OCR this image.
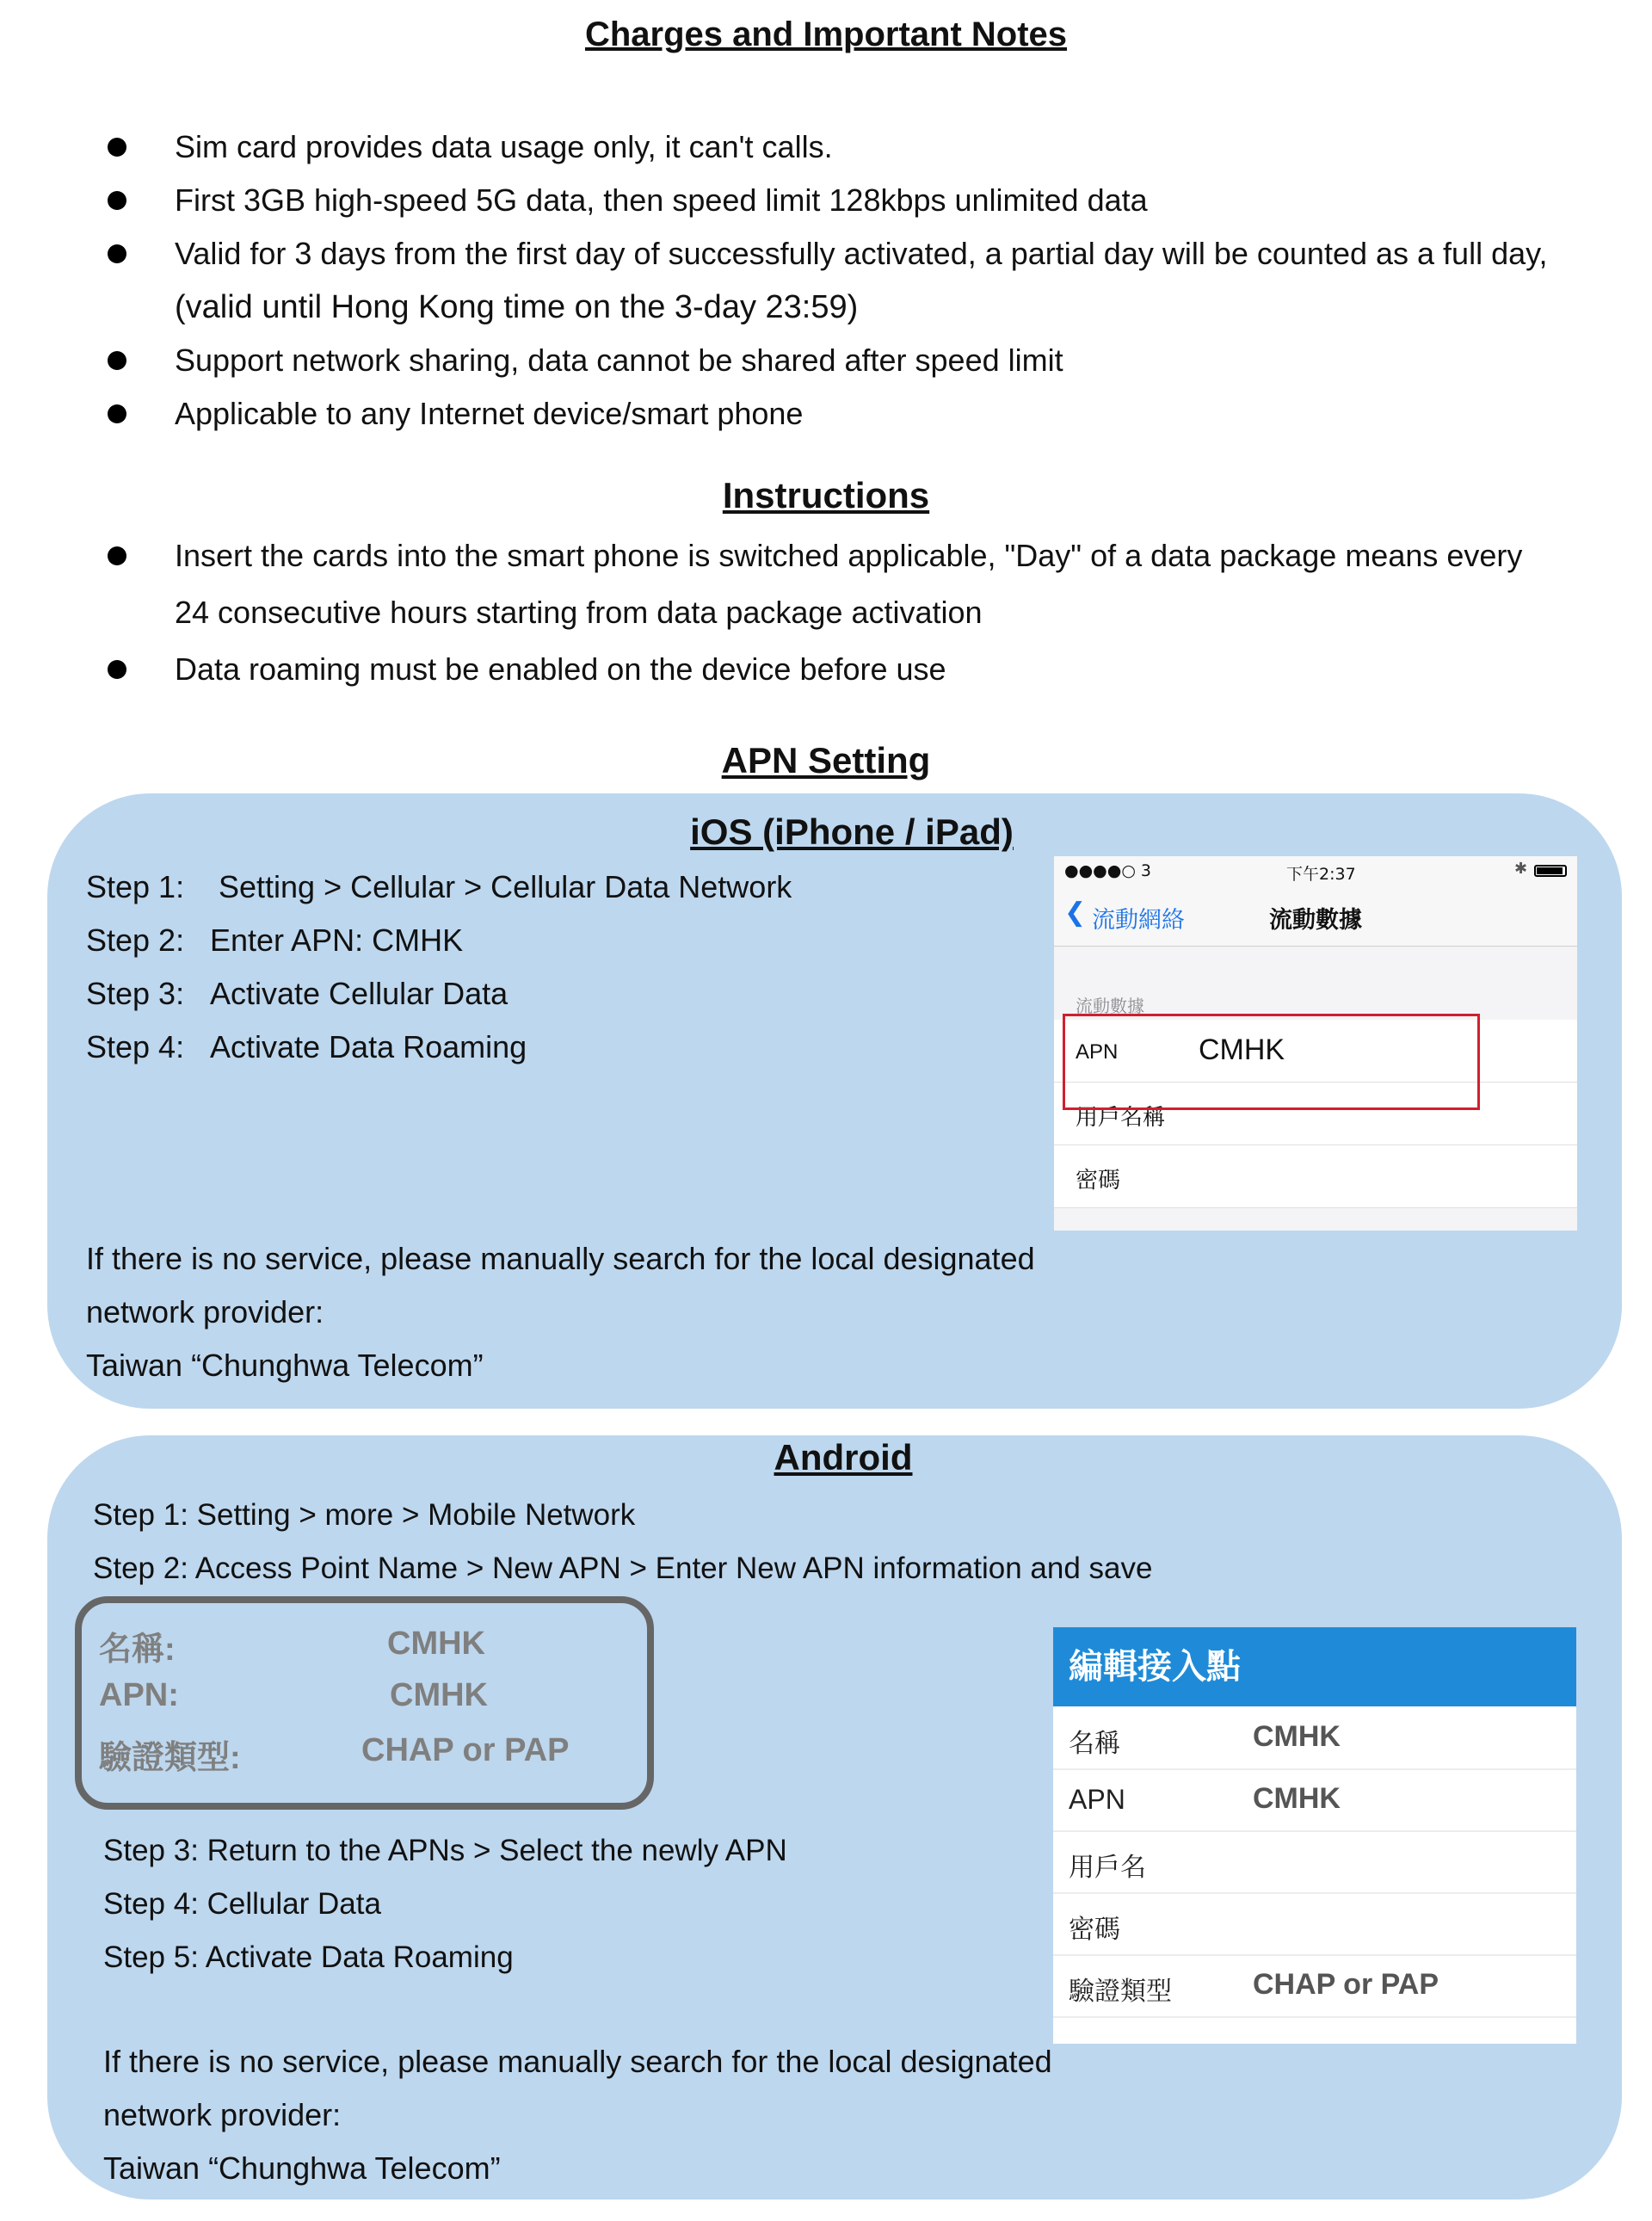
Charges and Important Notes
Sim card provides data usage only, it can't calls.
First 3GB high-speed 5G data, then speed limit 128kbps unlimited data
Valid for 3 days from the first day of successfully activated, a partial day will be counted as a full day,
(valid until Hong Kong time on the 3-day 23:59)
Support network sharing, data cannot be shared after speed limit
Applicable to any Internet device/smart phone
Instructions
Insert the cards into the smart phone is switched applicable, "Day" of a data package means every
24 consecutive hours starting from data package activation
Data roaming must be enabled on the device before use
APN Setting
iOS (iPhone / iPad)
Step 1: Setting > Cellular > Cellular Data Network
Step 2: Enter APN: CMHK
Step 3: Activate Cellular Data
Step 4: Activate Data Roaming
If there is no service, please manually search for the local designated
network provider:
Taiwan “Chunghwa Telecom”
●●●●○ 3	下午2:37	✱
❮ 流動網絡	流動數據
流動數據
APN	CMHK
用戶名稱
密碼
Android
Step 1: Setting > more > Mobile Network
Step 2: Access Point Name > New APN > Enter New APN information and save
名稱:	CMHK
APN:	CMHK
驗證類型:	CHAP or PAP
Step 3: Return to the APNs > Select the newly APN
Step 4: Cellular Data
Step 5: Activate Data Roaming
If there is no service, please manually search for the local designated
network provider:
Taiwan “Chunghwa Telecom”
編輯接入點
名稱	CMHK
APN	CMHK
用戶名
密碼
驗證類型	CHAP or PAP
